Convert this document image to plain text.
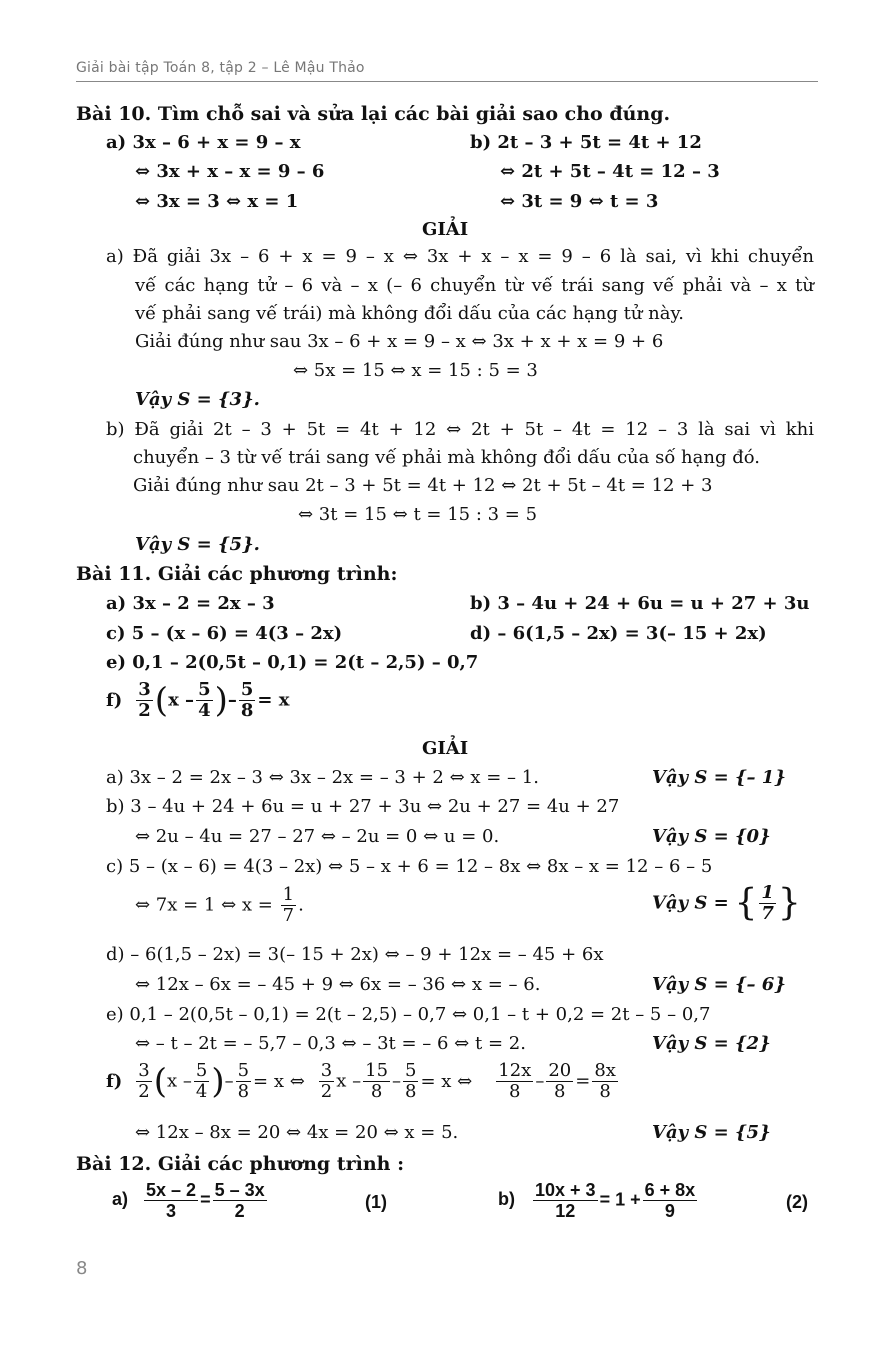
Giải bài tập Toán 8, tập 2 – Lê Mậu Thảo
Bài 10. Tìm chỗ sai và sửa lại các bài giải sao cho đúng.
a) 3x – 6 + x = 9 – x	b) 2t – 3 + 5t = 4t + 12
⇔ 3x + x – x = 9 – 6	⇔ 2t + 5t – 4t = 12 – 3
⇔ 3x = 3 ⇔ x = 1	⇔ 3t = 9 ⇔ t = 3
GIẢI
a) Đã giải 3x – 6 + x = 9 – x ⇔ 3x + x – x = 9 – 6 là sai, vì khi chuyển
vế các hạng tử – 6 và – x (– 6 chuyển từ vế trái sang vế phải và – x từ
vế phải sang vế trái) mà không đổi dấu của các hạng tử này.
Giải đúng như sau 3x – 6 + x = 9 – x ⇔ 3x + x + x = 9 + 6
⇔ 5x = 15 ⇔ x = 15 : 5 = 3
Vậy S = {3}.
b) Đã giải 2t – 3 + 5t = 4t + 12 ⇔ 2t + 5t – 4t = 12 – 3 là sai vì khi
chuyển – 3 từ vế trái sang vế phải mà không đổi dấu của số hạng đó.
Giải đúng như sau 2t – 3 + 5t = 4t + 12 ⇔ 2t + 5t – 4t = 12 + 3
⇔ 3t = 15 ⇔ t = 15 : 3 = 5
Vậy S = {5}.
Bài 11. Giải các phương trình:
a) 3x – 2 = 2x – 3	b) 3 – 4u + 24 + 6u = u + 27 + 3u
c) 5 – (x – 6) = 4(3 – 2x)	d) – 6(1,5 – 2x) = 3(– 15 + 2x)
e) 0,1 – 2(0,5t – 0,1) = 2(t – 2,5) – 0,7
$f) \frac{3}{2} (x - \frac{5}{4}$ )– $\frac{5}{8} = x$
GIẢI
a) 3x – 2 = 2x – 3 ⇔ 3x – 2x = – 3 + 2 ⇔ x = – 1.	Vậy S = {– 1}
b) 3 – 4u + 24 + 6u = u + 27 + 3u ⇔ 2u + 27 = 4u + 27
⇔ 2u – 4u = 27 – 27 ⇔ – 2u = 0 ⇔ u = 0.	Vậy S = {0}
c) 5 – (x – 6) = 4(3 – 2x) ⇔ 5 – x + 6 = 12 – 8x ⇔ 8x – x = 12 – 6 – 5
⇔ 7x = 1 ⇔ $x = \frac{1}{7}$ .	Vậy S = { $\frac{1}{7}$ }
d) – 6(1,5 – 2x) = 3(– 15 + 2x) ⇔ – 9 + 12x = – 45 + 6x
⇔ 12x – 6x = – 45 + 9 ⇔ 6x = – 36 ⇔ x = – 6.	Vậy S = {– 6}
e) 0,1 – 2(0,5t – 0,1) = 2(t – 2,5) – 0,7 ⇔ 0,1 – t + 0,2 = 2t – 5 – 0,7
⇔ – t – 2t = – 5,7 – 0,3 ⇔ – 3t = – 6 ⇔ t = 2.	Vậy S = {2}
$f) \frac{3}{2} (x - \frac{5}{4}$ )– $\frac{5}{8} = x$ ⇔ $\frac{3}{2}$ $x - \frac{15}{8} - \frac{5}{8} = x$ ⇔ $\frac{12x}{8} - \frac{20}{8} = \frac{8x}{8}$
⇔ 12x – 8x = 20 ⇔ 4x = 20 ⇔ x = 5.	Vậy S = {5}
Bài 12. Giải các phương trình :
$a) \frac{5x - 2}{3} = \frac{5 - 3x}{2}$	(1)	$b) \frac{10x + 3}{12} = 1 + \frac{6 + 8x}{9}$	(2)
8
